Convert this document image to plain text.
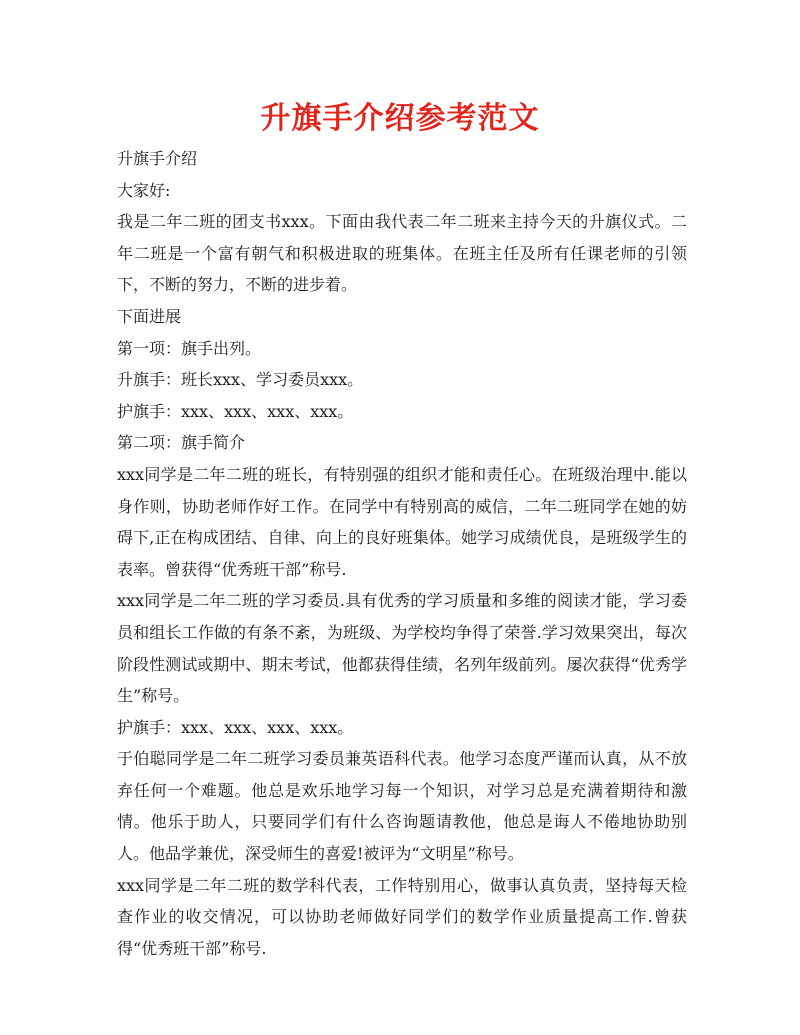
升旗手介绍参考范文

升旗手介绍

大家好:

我是二年二班的团支书xxx。下面由我代表二年二班来主持今天的升旗仪式。二年二班是一个富有朝气和积极进取的班集体。在班主任及所有任课老师的引领下，不断的努力，不断的进步着。

下面进展

第一项：旗手出列。

升旗手：班长xxx、学习委员xxx。

护旗手：xxx、xxx、xxx、xxx。

第二项：旗手简介

xxx同学是二年二班的班长，有特别强的组织才能和责任心。在班级治理中.能以身作则，协助老师作好工作。在同学中有特别高的威信，二年二班同学在她的妨碍下,正在构成团结、自律、向上的良好班集体。她学习成绩优良，是班级学生的表率。曾获得“优秀班干部”称号.

xxx同学是二年二班的学习委员.具有优秀的学习质量和多维的阅读才能，学习委员和组长工作做的有条不紊，为班级、为学校均争得了荣誉.学习效果突出，每次阶段性测试或期中、期末考试，他都获得佳绩，名列年级前列。屡次获得“优秀学生”称号。

护旗手：xxx、xxx、xxx、xxx。

于伯聪同学是二年二班学习委员兼英语科代表。他学习态度严谨而认真，从不放弃任何一个难题。他总是欢乐地学习每一个知识，对学习总是充满着期待和激情。他乐于助人，只要同学们有什么咨询题请教他，他总是诲人不倦地协助别人。他品学兼优，深受师生的喜爱!被评为“文明星”称号。

xxx同学是二年二班的数学科代表，工作特别用心，做事认真负责，坚持每天检查作业的收交情况，可以协助老师做好同学们的数学作业质量提高工作.曾获得“优秀班干部”称号.
